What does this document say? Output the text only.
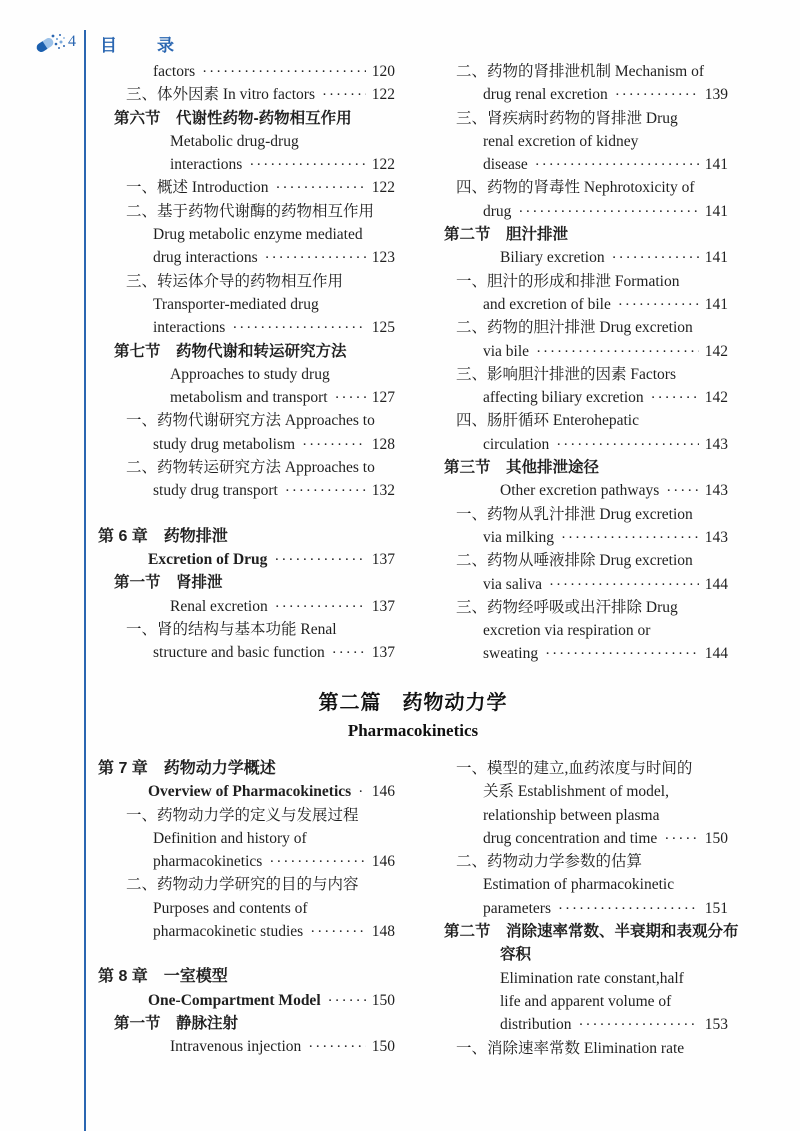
4 目　　录
factors ·····	120
三、体外因素 In vitro factors ·····	122
第六节　代谢性药物-药物相互作用
Metabolic drug-drug
interactions ·····	122
一、概述 Introduction ·····	122
二、基于药物代谢酶的药物相互作用
Drug metabolic enzyme mediated
drug interactions ·····	123
三、转运体介导的药物相互作用
Transporter-mediated drug
interactions ·····	125
第七节　药物代谢和转运研究方法
Approaches to study drug
metabolism and transport ·····	127
一、药物代谢研究方法 Approaches to
study drug metabolism ·····	128
二、药物转运研究方法 Approaches to
study drug transport ·····	132
第 6 章　药物排泄
Excretion of Drug ·····	137
第一节　肾排泄
Renal excretion ·····	137
一、肾的结构与基本功能 Renal
structure and basic function ·····	137
二、药物的肾排泄机制 Mechanism of
drug renal excretion ·····	139
三、肾疾病时药物的肾排泄 Drug
renal excretion of kidney
disease ·····	141
四、药物的肾毒性 Nephrotoxicity of
drug ·····	141
第二节　胆汁排泄
Biliary excretion ·····	141
一、胆汁的形成和排泄 Formation
and excretion of bile ·····	141
二、药物的胆汁排泄 Drug excretion
via bile ·····	142
三、影响胆汁排泄的因素 Factors
affecting biliary excretion ·····	142
四、肠肝循环 Enterohepatic
circulation ·····	143
第三节　其他排泄途径
Other excretion pathways ·····	143
一、药物从乳汁排泄 Drug excretion
via milking ·····	143
二、药物从唾液排除 Drug excretion
via saliva ·····	144
三、药物经呼吸或出汗排除 Drug
excretion via respiration or
sweating ·····	144
第二篇　药物动力学
Pharmacokinetics
第 7 章　药物动力学概述
Overview of Pharmacokinetics ····· 146
一、药物动力学的定义与发展过程
Definition and history of
pharmacokinetics ·····	146
二、药物动力学研究的目的与内容
Purposes and contents of
pharmacokinetic studies ·····	148
第 8 章　一室模型
One-Compartment Model ·····	150
第一节　静脉注射
Intravenous injection ·····	150
一、模型的建立,血药浓度与时间的
关系 Establishment of model,
relationship between plasma
drug concentration and time ·····	150
二、药物动力学参数的估算
Estimation of pharmacokinetic
parameters ·····	151
第二节　消除速率常数、半衰期和表观分布
容积
Elimination rate constant,half
life and apparent volume of
distribution ·····	153
一、消除速率常数 Elimination rate
